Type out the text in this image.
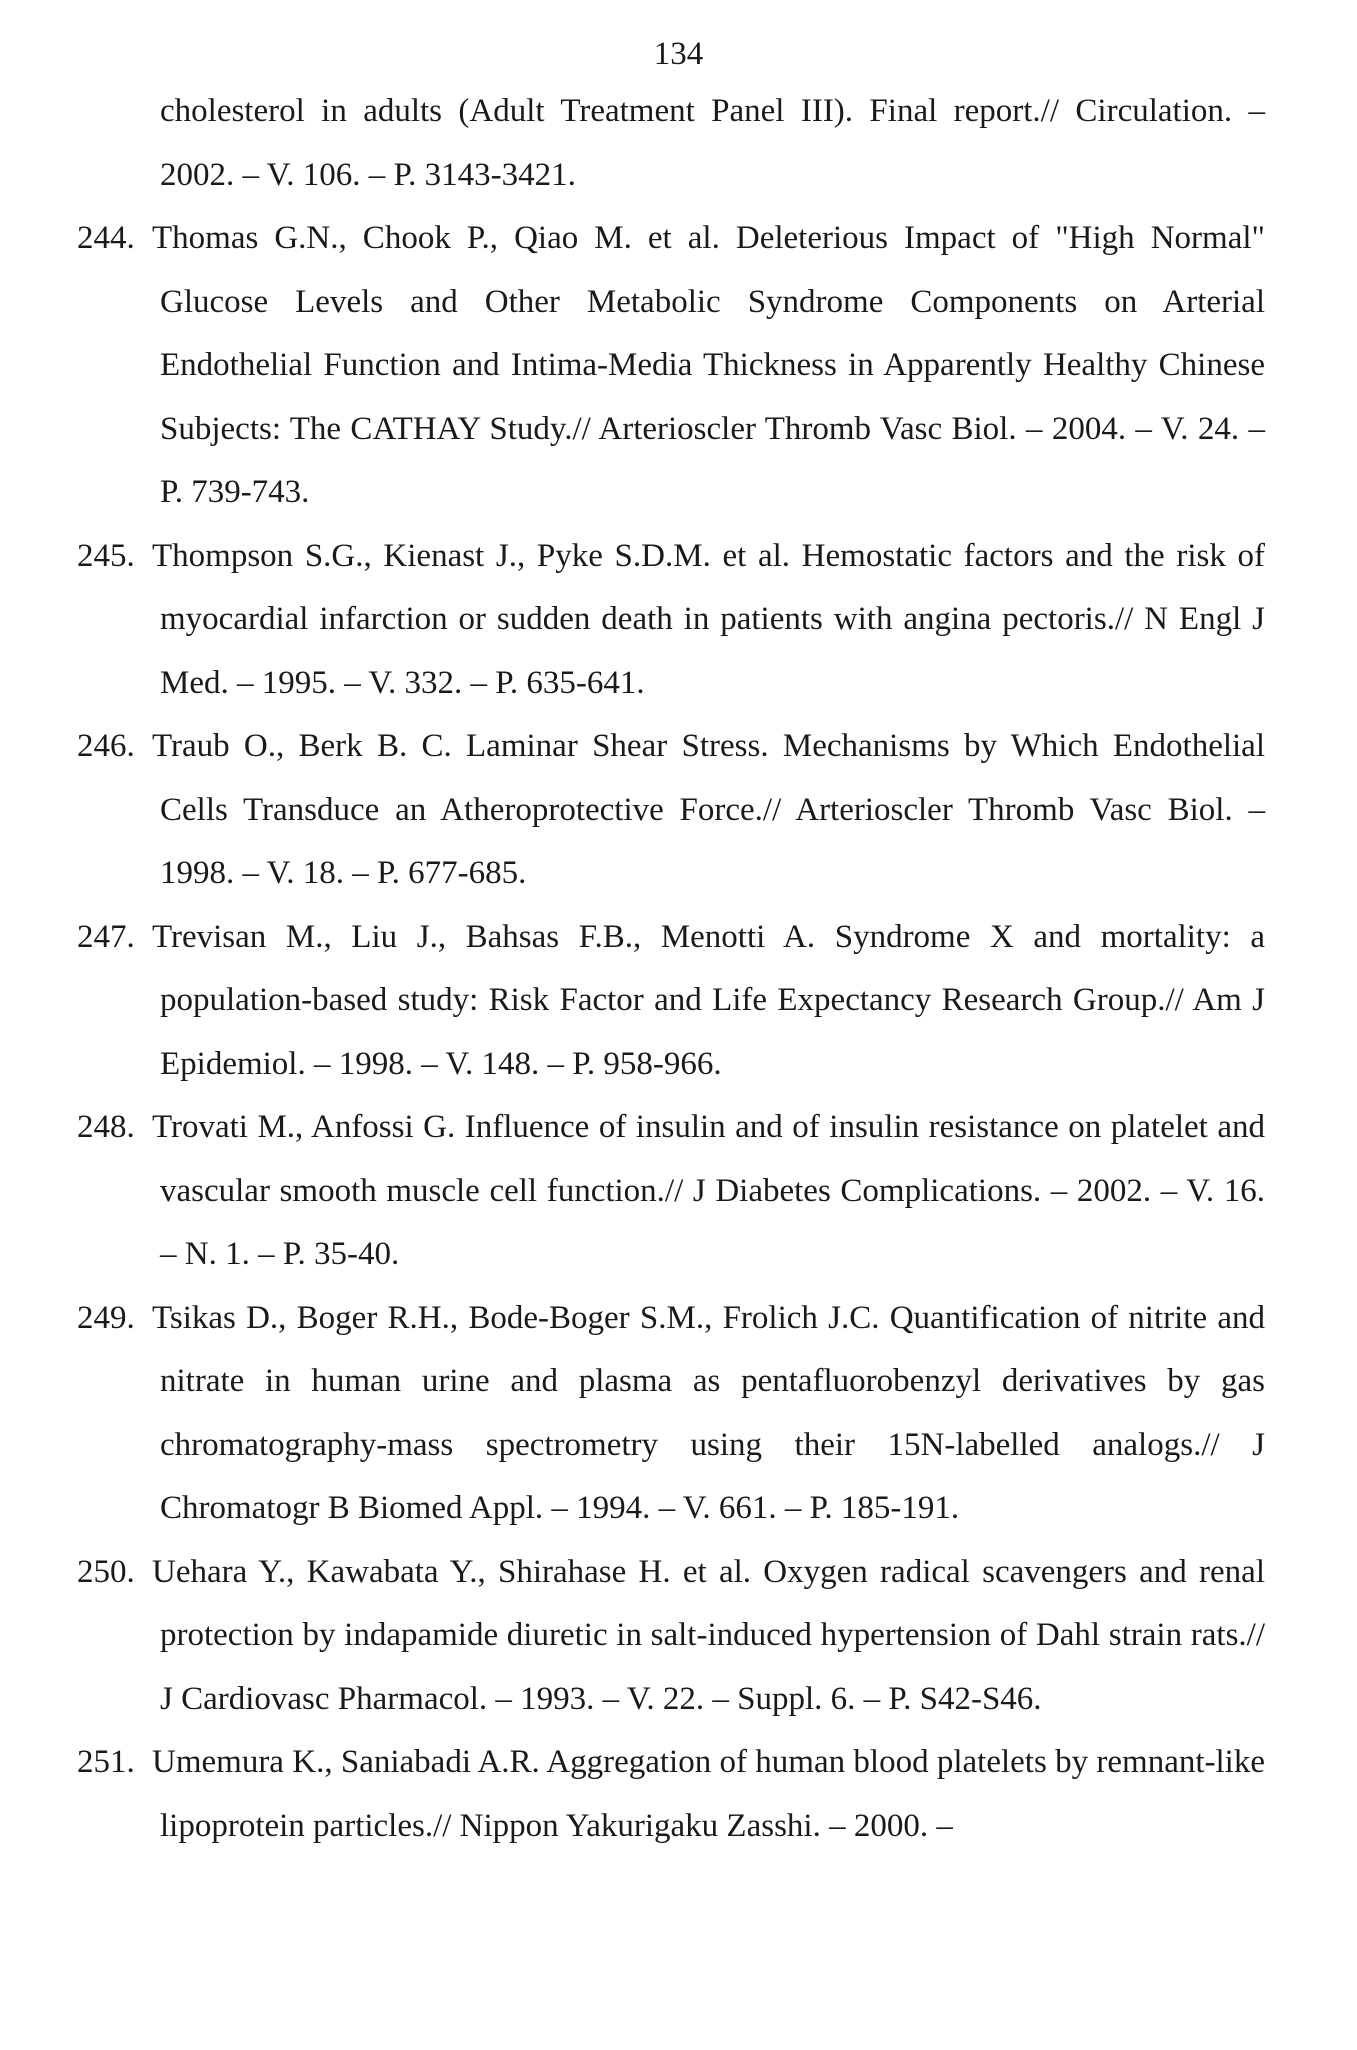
134

cholesterol in adults (Adult Treatment Panel III). Final report.// Circulation. – 2002. – V. 106. – P. 3143-3421.

244. Thomas G.N., Chook P., Qiao M. et al. Deleterious Impact of "High Normal" Glucose Levels and Other Metabolic Syndrome Components on Arterial Endothelial Function and Intima-Media Thickness in Apparently Healthy Chinese Subjects: The CATHAY Study.// Arterioscler Thromb Vasc Biol. – 2004. – V. 24. – P. 739-743.

245. Thompson S.G., Kienast J., Pyke S.D.M. et al. Hemostatic factors and the risk of myocardial infarction or sudden death in patients with angina pectoris.// N Engl J Med. – 1995. – V. 332. – P. 635-641.

246. Traub O., Berk B. C. Laminar Shear Stress. Mechanisms by Which Endothelial Cells Transduce an Atheroprotective Force.// Arterioscler Thromb Vasc Biol. – 1998. – V. 18. – P. 677-685.

247. Trevisan M., Liu J., Bahsas F.B., Menotti A. Syndrome X and mortality: a population-based study: Risk Factor and Life Expectancy Research Group.// Am J Epidemiol. – 1998. – V. 148. – P. 958-966.

248. Trovati M., Anfossi G. Influence of insulin and of insulin resistance on platelet and vascular smooth muscle cell function.// J Diabetes Complications. – 2002. – V. 16. – N. 1. – P. 35-40.

249. Tsikas D., Boger R.H., Bode-Boger S.M., Frolich J.C. Quantification of nitrite and nitrate in human urine and plasma as pentafluorobenzyl derivatives by gas chromatography-mass spectrometry using their 15N-labelled analogs.// J Chromatogr B Biomed Appl. – 1994. – V. 661. – P. 185-191.

250. Uehara Y., Kawabata Y., Shirahase H. et al. Oxygen radical scavengers and renal protection by indapamide diuretic in salt-induced hypertension of Dahl strain rats.// J Cardiovasc Pharmacol. – 1993. – V. 22. – Suppl. 6. – P. S42-S46.

251. Umemura K., Saniabadi A.R. Aggregation of human blood platelets by remnant-like lipoprotein particles.// Nippon Yakurigaku Zasshi. – 2000. –
